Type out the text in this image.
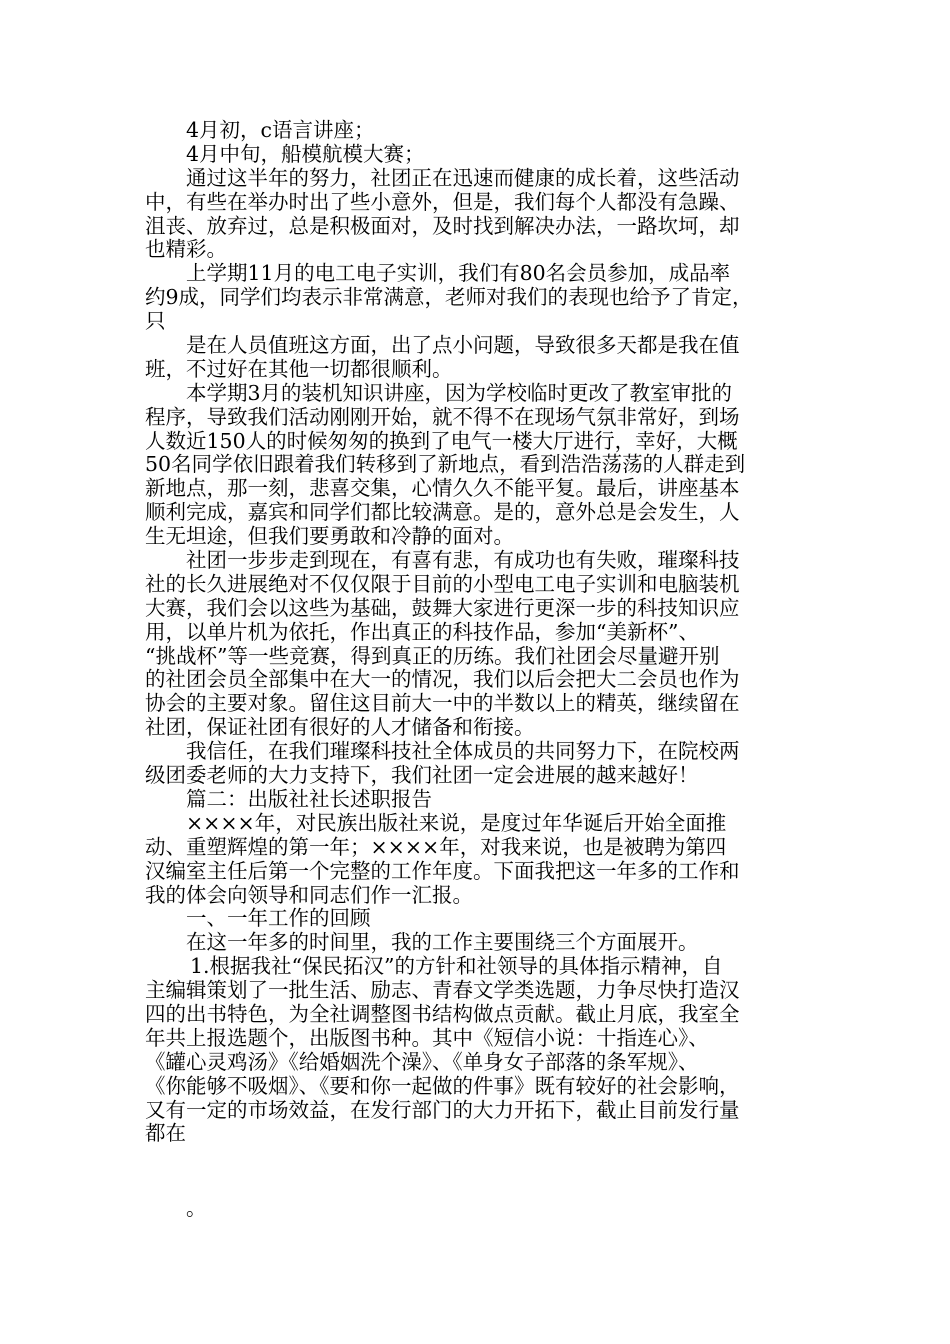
4月初，c语言讲座；
4月中旬，船模航模大赛；
通过这半年的努力，社团正在迅速而健康的成长着，这些活动
中，有些在举办时出了些小意外，但是，我们每个人都没有急躁、
沮丧、放弃过，总是积极面对，及时找到解决办法，一路坎坷，却
也精彩。
上学期11月的电工电子实训，我们有80名会员参加，成品率
约9成，同学们均表示非常满意，老师对我们的表现也给予了肯定，
只
是在人员值班这方面，出了点小问题，导致很多天都是我在值
班，不过好在其他一切都很顺利。
本学期3月的装机知识讲座，因为学校临时更改了教室审批的
程序，导致我们活动刚刚开始，就不得不在现场气氛非常好，到场
人数近150人的时候匆匆的换到了电气一楼大厅进行，幸好，大概
50名同学依旧跟着我们转移到了新地点，看到浩浩荡荡的人群走到
新地点，那一刻，悲喜交集，心情久久不能平复。最后，讲座基本
顺利完成，嘉宾和同学们都比较满意。是的，意外总是会发生，人
生无坦途，但我们要勇敢和冷静的面对。
社团一步步走到现在，有喜有悲，有成功也有失败，璀璨科技
社的长久进展绝对不仅仅限于目前的小型电工电子实训和电脑装机
大赛，我们会以这些为基础，鼓舞大家进行更深一步的科技知识应
用，以单片机为依托，作出真正的科技作品，参加“美新杯”、
“挑战杯”等一些竞赛，得到真正的历练。我们社团会尽量避开别
的社团会员全部集中在大一的情况，我们以后会把大二会员也作为
协会的主要对象。留住这目前大一中的半数以上的精英，继续留在
社团，保证社团有很好的人才储备和衔接。
我信任，在我们璀璨科技社全体成员的共同努力下，在院校两
级团委老师的大力支持下，我们社团一定会进展的越来越好！
篇二：出版社社长述职报告
××××年，对民族出版社来说，是度过年华诞后开始全面推
动、重塑辉煌的第一年；××××年，对我来说，也是被聘为第四
汉编室主任后第一个完整的工作年度。下面我把这一年多的工作和
我的体会向领导和同志们作一汇报。
一、一年工作的回顾
在这一年多的时间里，我的工作主要围绕三个方面展开。
1.根据我社“保民拓汉”的方针和社领导的具体指示精神，自
主编辑策划了一批生活、励志、青春文学类选题，力争尽快打造汉
四的出书特色，为全社调整图书结构做点贡献。截止月底，我室全
年共上报选题个，出版图书种。其中《短信小说：十指连心》、
《罐心灵鸡汤》《给婚姻洗个澡》、《单身女子部落的条军规》、
《你能够不吸烟》、《要和你一起做的件事》既有较好的社会影响，
又有一定的市场效益，在发行部门的大力开拓下，截止目前发行量
都在
。
